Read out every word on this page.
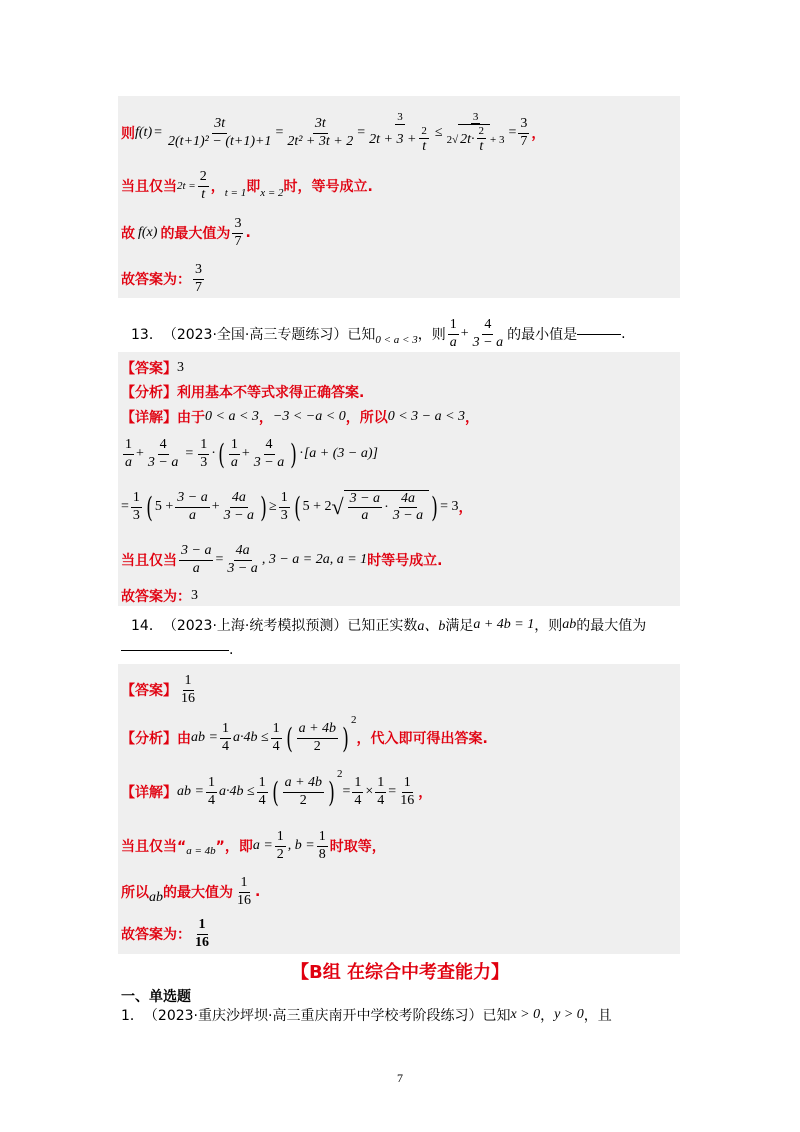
则 $f(t) = \frac{3t}{\text{2(t+1)² − (t+1)+1}} = \frac{3t}{\text{2t² + 3t + 2}} = \frac{3}{2t + 3 + \frac{2}{t}} \le \frac{3}{2 √ 2t\cdot \frac{2}{t} + 3} = \frac{3}{7}$ ，
当且仅当 $2t = \frac{2}{t}$ ， t = 1 即 x = 2 时，等号成立.
故 f(x) 的最大值为 $\frac{3}{7}$ .
故答案为： $\frac{3}{7}$
13． （2023·全国·高三专题练习）已知 0 < a < 3 ，则 $\frac{1}{a} + \frac{4}{3 - a}$ 的最小值是	.
【答案】 3
【分析】 利用基本不等式求得正确答案.
【详解】 由于 0 < a < 3 ， −3 < −a < 0 ，所以 0 < 3 − a < 3 ，
$\frac{1}{a} + \frac{4}{3 - a} = \frac{1}{3}$ · ( $\frac{1}{a} + \frac{4}{3 - a}$ ) · [a + (3 − a)]
= $\frac{1}{3}$ ( $5 + \frac{3 - a}{a} + \frac{4a}{3 - a}$ ) ≥ $\frac{1}{3}$ ( 5 + 2 √ $\frac{3 - a}{a} \cdot \frac{4a}{3 - a}$ ) = 3 ，
当且仅当 $\frac{3 - a}{a} = \frac{4a}{3 - a}$ , 3 − a = 2a, a = 1 时等号成立.
故答案为： 3
14． （2023·上海·统考模拟预测）已知正实数 a、b 满足 a + 4b = 1 ，则 ab 的最大值为
.
【答案】 $\frac{1}{16}$
【分析】 由 ab = $\frac{1}{4} a\cdot 4b \le \frac{1}{4}$ ( $\frac{a + 4b}{2}$ )
$^2$
，代入即可得出答案.
【详解】 ab = $\frac{1}{4} a\cdot 4b \le \frac{1}{4}$ ( $\frac{a + 4b}{2}$ )
$^2$
= $\frac{1}{4} \times \frac{1}{4} = \frac{1}{16}$ ，
当且仅当“ a = 4b ”，即 $a = \frac{1}{2}$ , $b = \frac{1}{8}$ 时取等，
所以 ab 的最大值为 $\frac{1}{16}$ .
故答案为： $\frac{1}{16}$
【B组 在综合中考查能力】
一、单选题
1． （2023·重庆沙坪坝·高三重庆南开中学校考阶段练习）已知 x > 0 ， y > 0 ，且
7
